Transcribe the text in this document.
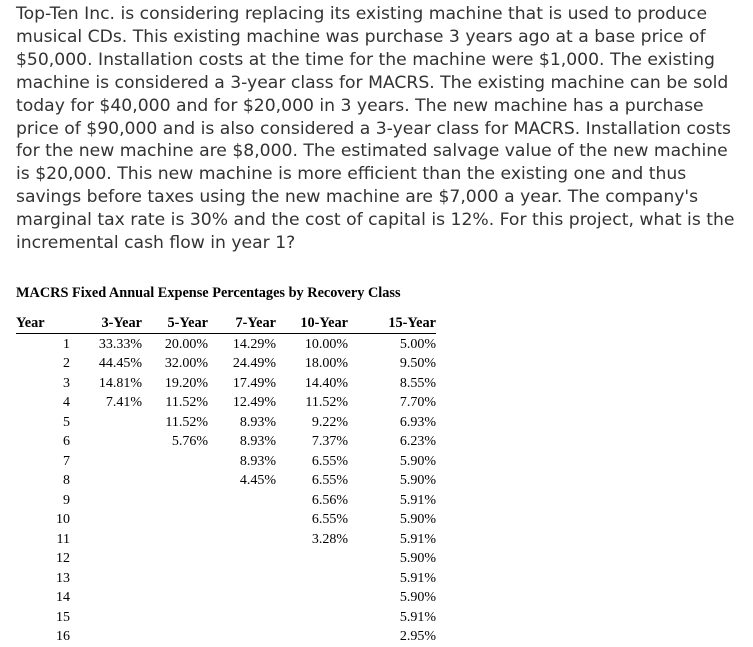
Top-Ten Inc. is considering replacing its existing machine that is used to produce musical CDs. This existing machine was purchase 3 years ago at a base price of $50,000. Installation costs at the time for the machine were $1,000. The existing machine is considered a 3-year class for MACRS. The existing machine can be sold today for $40,000 and for $20,000 in 3 years. The new machine has a purchase price of $90,000 and is also considered a 3-year class for MACRS. Installation costs for the new machine are $8,000. The estimated salvage value of the new machine is $20,000. This new machine is more efficient than the existing one and thus savings before taxes using the new machine are $7,000 a year. The company's marginal tax rate is 30% and the cost of capital is 12%. For this project, what is the incremental cash flow in year 1?

MACRS Fixed Annual Expense Percentages by Recovery Class

Year	3-Year	5-Year	7-Year	10-Year	15-Year
1	33.33%	20.00%	14.29%	10.00%	5.00%
2	44.45%	32.00%	24.49%	18.00%	9.50%
3	14.81%	19.20%	17.49%	14.40%	8.55%
4	7.41%	11.52%	12.49%	11.52%	7.70%
5		11.52%	8.93%	9.22%	6.93%
6		5.76%	8.93%	7.37%	6.23%
7			8.93%	6.55%	5.90%
8			4.45%	6.55%	5.90%
9				6.56%	5.91%
10				6.55%	5.90%
11				3.28%	5.91%
12					5.90%
13					5.91%
14					5.90%
15					5.91%
16					2.95%
